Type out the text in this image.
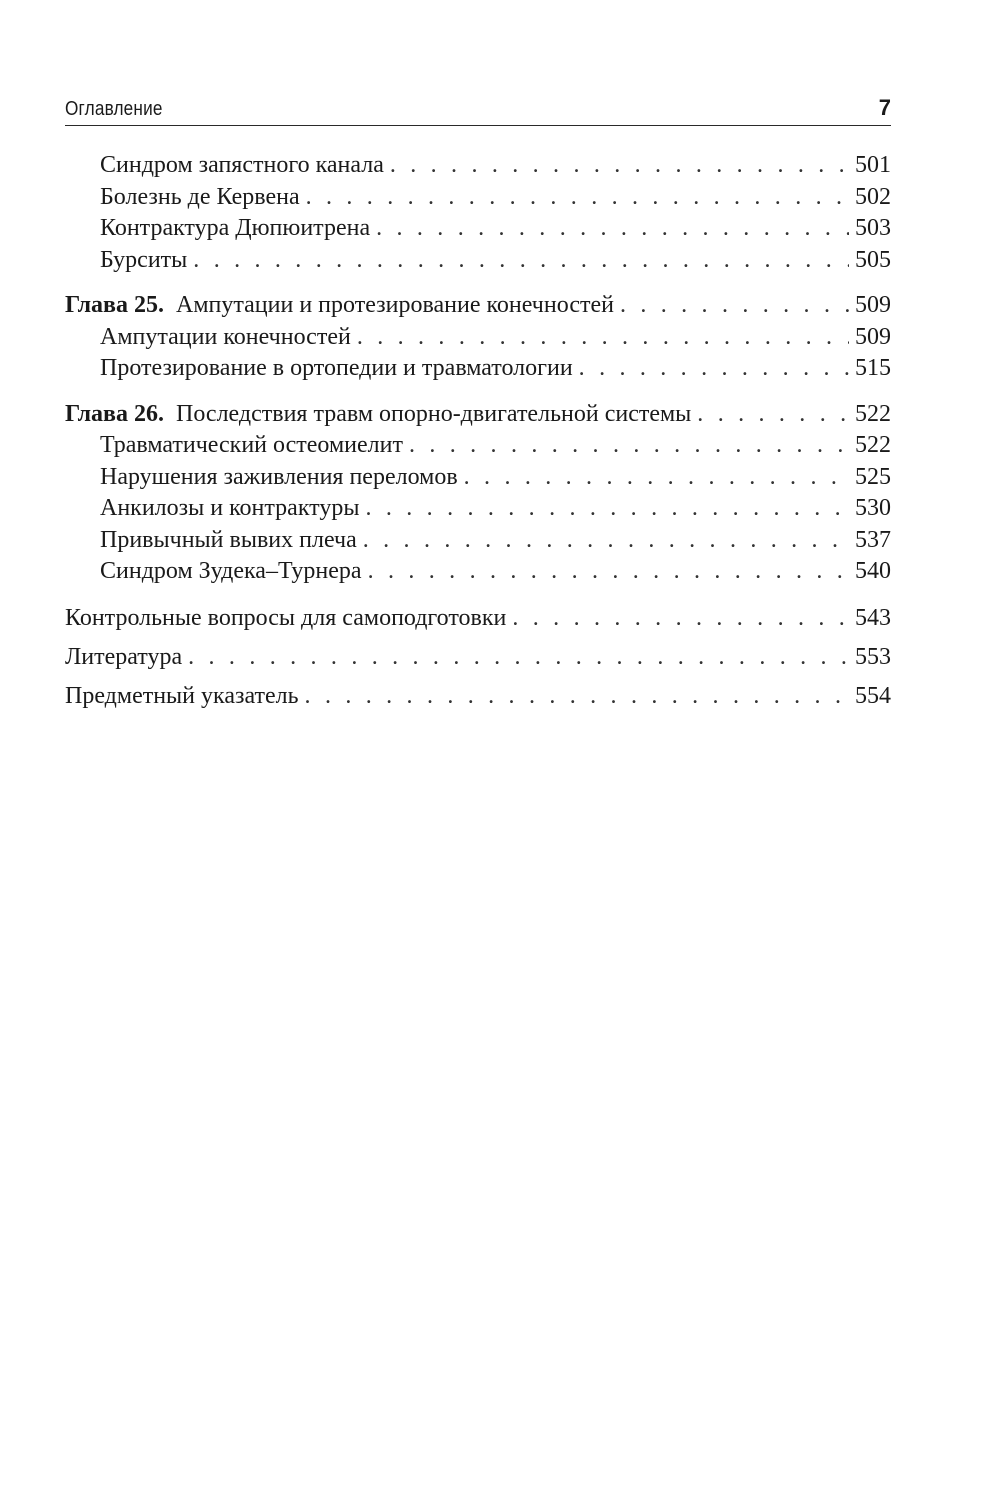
Оглавление	7
Синдром запястного канала . . .	501
Болезнь де Кервена . . .	502
Контрактура Дюпюитрена . . .	503
Бурситы . . .	505
Глава 25. Ампутации и протезирование конечностей . . .	509
Ампутации конечностей . . .	509
Протезирование в ортопедии и травматологии . . .	515
Глава 26. Последствия травм опорно-двигательной системы . . .	522
Травматический остеомиелит . . .	522
Нарушения заживления переломов . . .	525
Анкилозы и контрактуры . . .	530
Привычный вывих плеча . . .	537
Синдром Зудека–Турнера . . .	540
Контрольные вопросы для самоподготовки . . .	543
Литература . . .	553
Предметный указатель . . .	554
